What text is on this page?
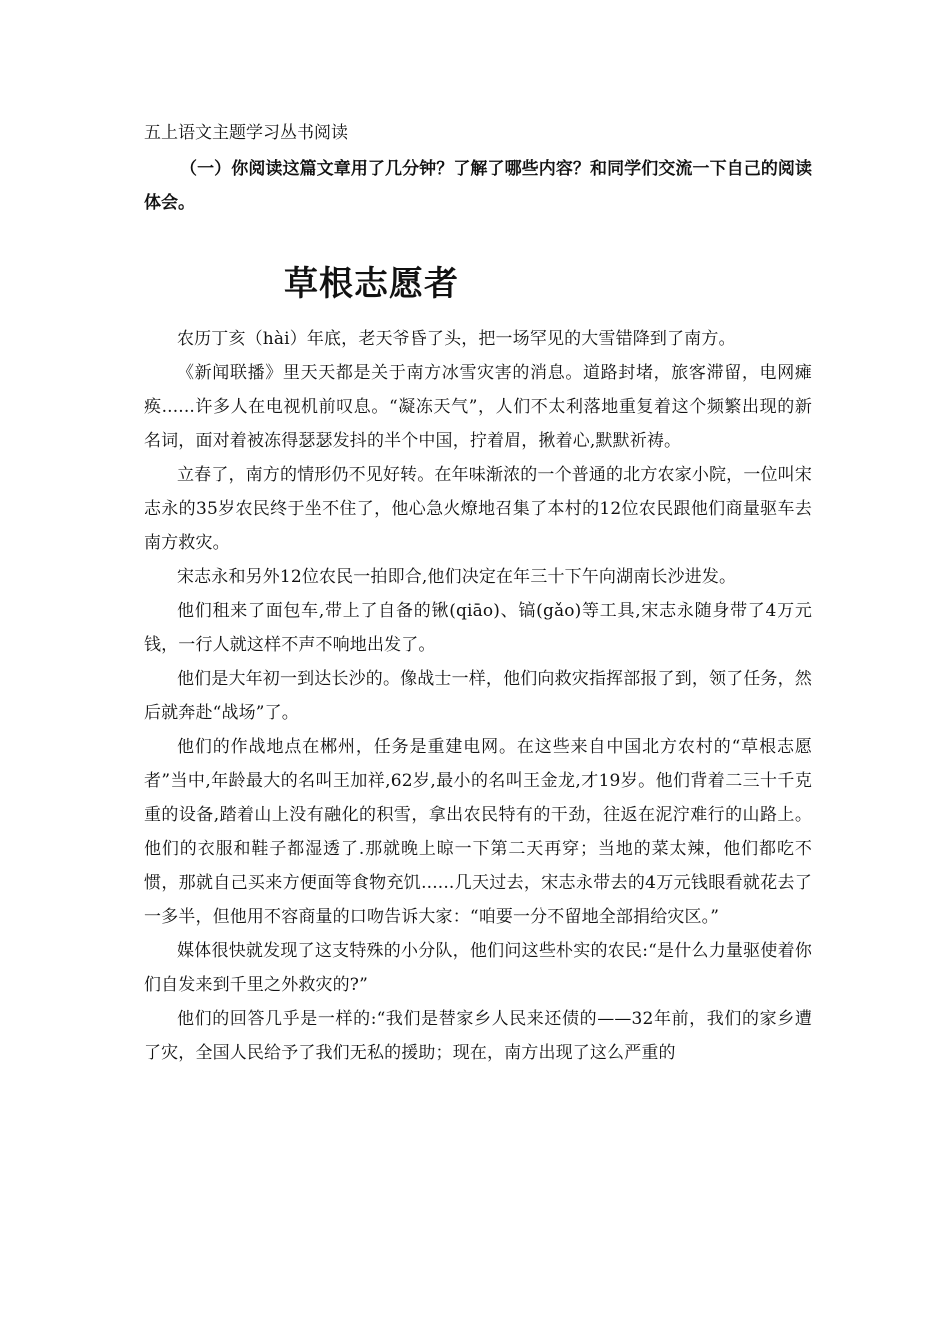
五上语文主题学习丛书阅读

（一）你阅读这篇文章用了几分钟？了解了哪些内容？和同学们交流一下自己的阅读体会。

草根志愿者

农历丁亥（hài）年底，老天爷昏了头，把一场罕见的大雪错降到了南方。

《新闻联播》里天天都是关于南方冰雪灾害的消息。道路封堵，旅客滞留，电网瘫痪......许多人在电视机前叹息。“凝冻天气”，人们不太利落地重复着这个频繁出现的新名词，面对着被冻得瑟瑟发抖的半个中国，拧着眉，揪着心,默默祈祷。

立春了，南方的情形仍不见好转。在年味渐浓的一个普通的北方农家小院，一位叫宋志永的35岁农民终于坐不住了，他心急火燎地召集了本村的12位农民跟他们商量驱车去南方救灾。

宋志永和另外12位农民一拍即合,他们决定在年三十下午向湖南长沙进发。

他们租来了面包车,带上了自备的锹(qiāo)、镐(gǎo)等工具,宋志永随身带了4万元钱，一行人就这样不声不响地出发了。

他们是大年初一到达长沙的。像战士一样，他们向救灾指挥部报了到，领了任务，然后就奔赴“战场”了。

他们的作战地点在郴州，任务是重建电网。在这些来自中国北方农村的“草根志愿者”当中,年龄最大的名叫王加祥,62岁,最小的名叫王金龙,才19岁。他们背着二三十千克重的设备,踏着山上没有融化的积雪，拿出农民特有的干劲，往返在泥泞难行的山路上。他们的衣服和鞋子都湿透了.那就晚上晾一下第二天再穿；当地的菜太辣，他们都吃不惯，那就自己买来方便面等食物充饥......几天过去，宋志永带去的4万元钱眼看就花去了一多半，但他用不容商量的口吻告诉大家：“咱要一分不留地全部捐给灾区。”

媒体很快就发现了这支特殊的小分队，他们问这些朴实的农民:“是什么力量驱使着你们自发来到千里之外救灾的?”

他们的回答几乎是一样的:“我们是替家乡人民来还债的——32年前，我们的家乡遭了灾，全国人民给予了我们无私的援助；现在，南方出现了这么严重的
